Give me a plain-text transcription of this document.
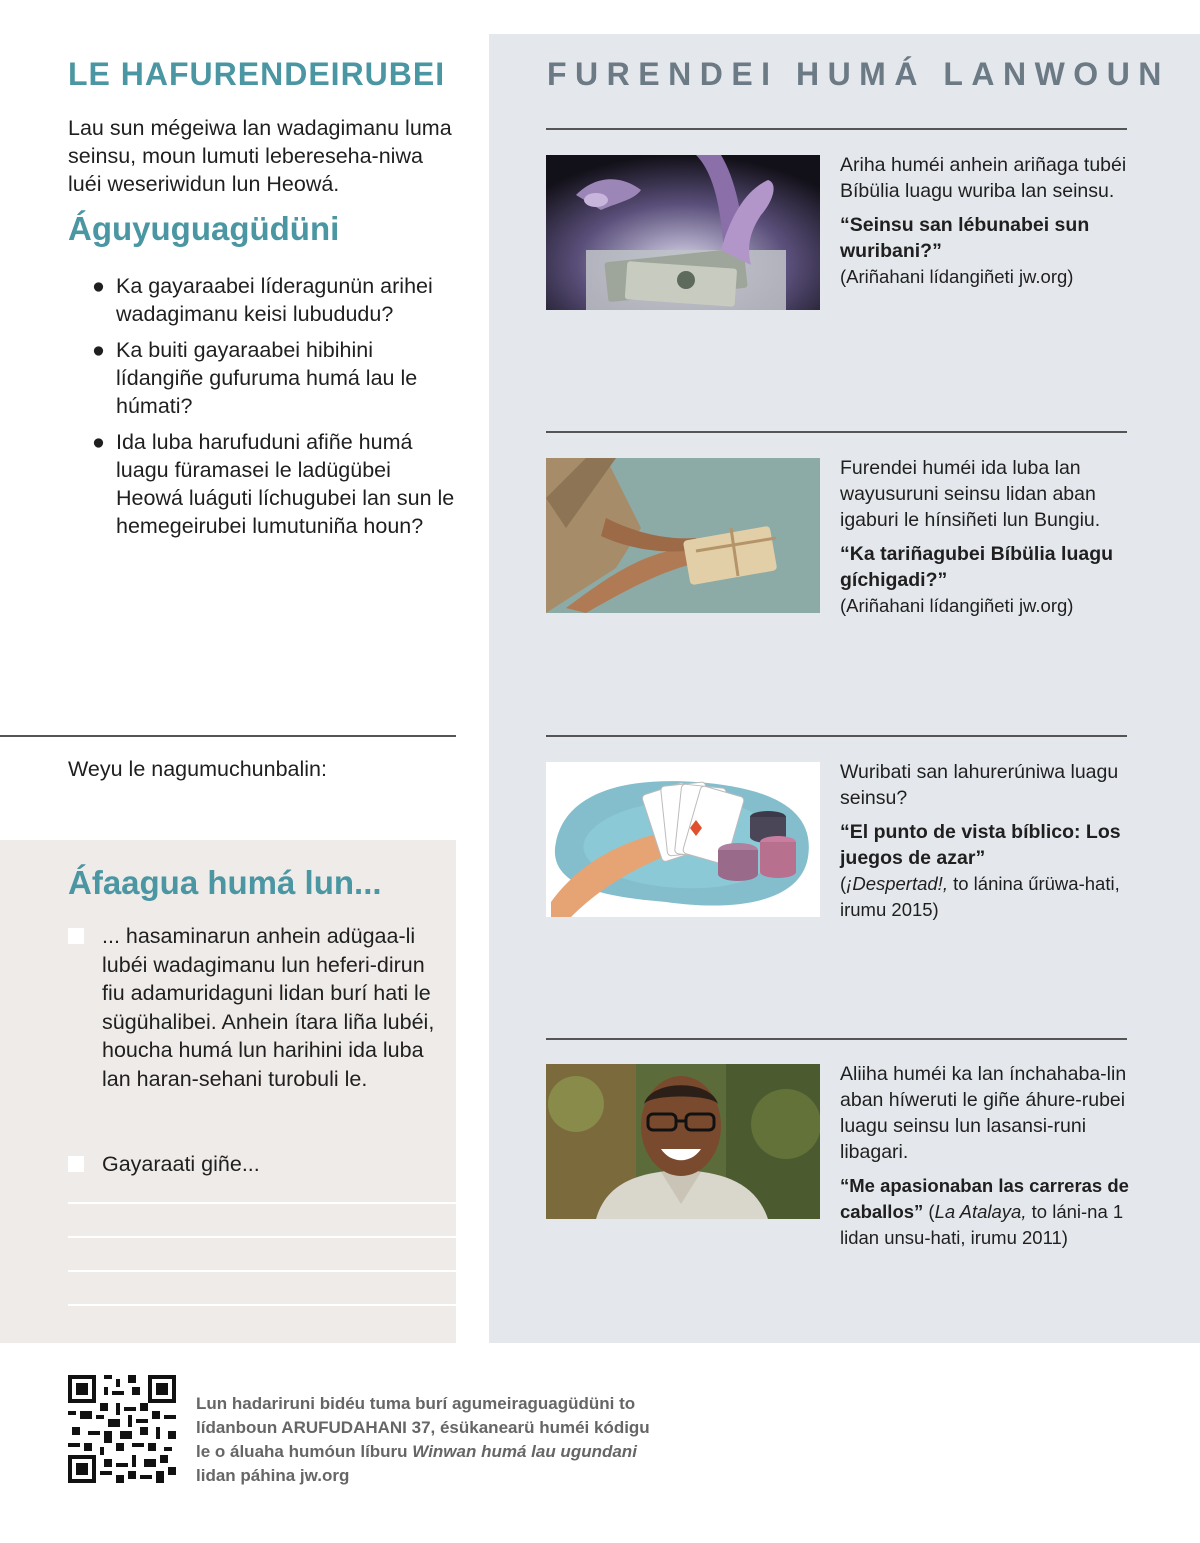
LE HAFURENDEIRUBEI

Lau sun mégeiwa lan wadagimanu luma seinsu, moun lumuti lebereseha-niwa luéi weseriwidun lun Heowá.

Águyuguagüdüni
● Ka gayaraabei líderagunün arihei wadagimanu keisi lubududu?
● Ka buiti gayaraabei hibihini lídangiñe gufuruma humá lau le húmati?
● Ida luba harufuduni afiñe humá luagu füramasei le ladügübei Heowá luáguti líchugubei lan sun le hemegeirubei lumutuniña houn?
Weyu le nagumuchunbalin:
Áfaagua humá lun...
... hasaminarun anhein adügaa-li lubéi wadagimanu lun heferi-dirun fiu adamuridaguni lidan burí hati le sügühalibei. Anhein ítara liña lubéi, houcha humá lun harihini ida luba lan haran-sehani turobuli le.
Gayaraati giñe...
FURENDEI HUMÁ LANWOUN

Ariha huméi anhein ariñaga tubéi Bíbülia luagu wuriba lan seinsu.

“Seinsu san lébunabei sun wuribani?”

(Ariñahani lídangiñeti jw.org)

Furendei huméi ida luba lan wayusuruni seinsu lidan aban igaburi le hínsiñeti lun Bungiu.

“Ka tariñagubei Bíbülia luagu gíchigadi?”

(Ariñahani lídangiñeti jw.org)

Wuribati san lahurerúniwa luagu seinsu?

“El punto de vista bíblico: Los juegos de azar”

(¡Despertad!, to lánina űrüwa-hati, irumu 2015)

Aliiha huméi ka lan ínchahaba-lin aban híweruti le giñe áhure-rubei luagu seinsu lun lasansi-runi libagari.

“Me apasionaban las carreras de caballos” (La Atalaya, to láni-na 1 lidan unsu-hati, irumu 2011)

Lun hadariruni bidéu tuma burí agumeiraguagüdüni to lídanboun ARUFUDAHANI 37, ésükanearü huméi kódigu le o áluaha humóun líburu Winwan humá lau ugundani lidan páhina jw.org
